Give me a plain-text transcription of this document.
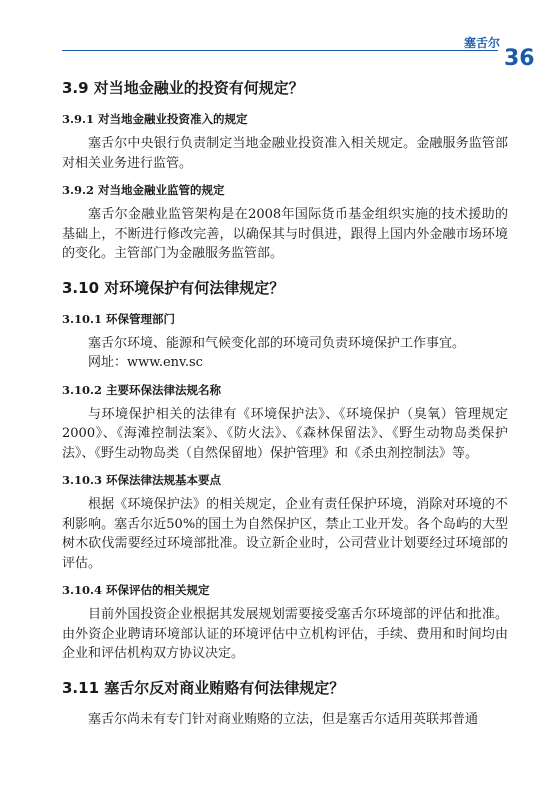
塞舌尔
36
3.9 对当地金融业的投资有何规定？
3.9.1 对当地金融业投资准入的规定

塞舌尔中央银行负责制定当地金融业投资准入相关规定。金融服务监管部对相关业务进行监管。

3.9.2 对当地金融业监管的规定

塞舌尔金融业监管架构是在2008年国际货币基金组织实施的技术援助的基础上，不断进行修改完善，以确保其与时俱进，跟得上国内外金融市场环境的变化。主管部门为金融服务监管部。

3.10 对环境保护有何法律规定？
3.10.1 环保管理部门

塞舌尔环境、能源和气候变化部的环境司负责环境保护工作事宜。

网址：www.env.sc

3.10.2 主要环保法律法规名称

与环境保护相关的法律有《环境保护法》、《环境保护（臭氧）管理规定2000》、《海滩控制法案》、《防火法》、《森林保留法》、《野生动物岛类保护法》、《野生动物岛类（自然保留地）保护管理》和《杀虫剂控制法》等。

3.10.3 环保法律法规基本要点

根据《环境保护法》的相关规定，企业有责任保护环境，消除对环境的不利影响。塞舌尔近50%的国土为自然保护区，禁止工业开发。各个岛屿的大型树木砍伐需要经过环境部批准。设立新企业时，公司营业计划要经过环境部的评估。

3.10.4 环保评估的相关规定

目前外国投资企业根据其发展规划需要接受塞舌尔环境部的评估和批准。由外资企业聘请环境部认证的环境评估中立机构评估，手续、费用和时间均由企业和评估机构双方协议决定。

3.11 塞舌尔反对商业贿赂有何法律规定？

塞舌尔尚未有专门针对商业贿赂的立法，但是塞舌尔适用英联邦普通
